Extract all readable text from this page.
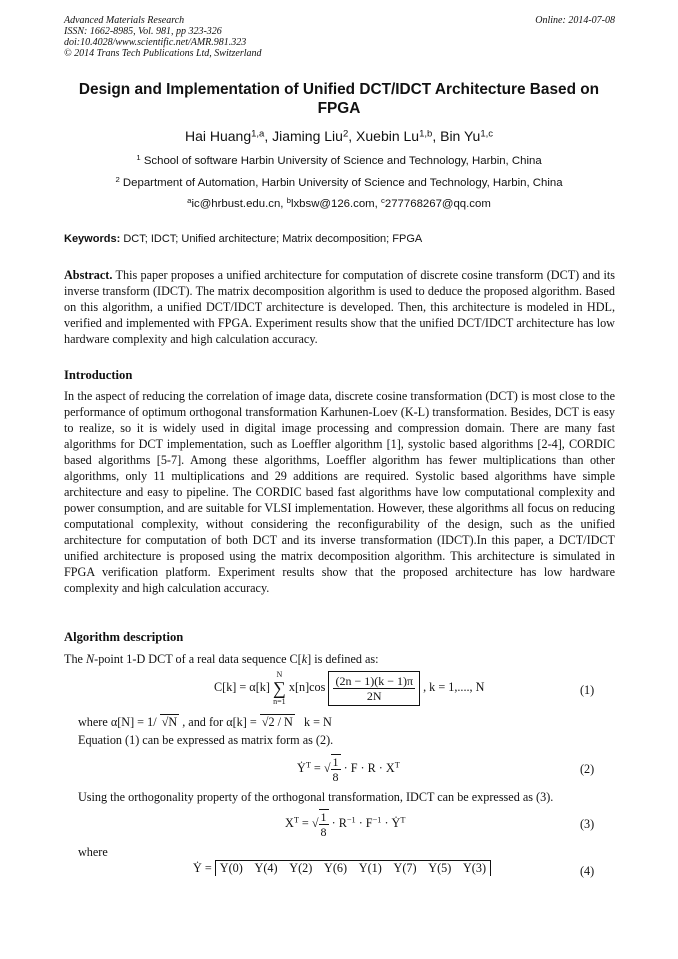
Advanced Materials Research
ISSN: 1662-8985, Vol. 981, pp 323-326
doi:10.4028/www.scientific.net/AMR.981.323
© 2014 Trans Tech Publications Ltd, Switzerland
Online: 2014-07-08
Design and Implementation of Unified DCT/IDCT Architecture Based on FPGA
Hai Huang$^{1,a}$, Jiaming Liu$^2$, Xuebin Lu$^{1,b}$, Bin Yu$^{1,c}$
$^1$ School of software Harbin University of Science and Technology, Harbin, China
$^2$ Department of Automation, Harbin University of Science and Technology, Harbin, China
$^a$ic@hrbust.edu.cn, $^b$lxbsw@126.com, $^c$277768267@qq.com
Keywords: DCT; IDCT; Unified architecture; Matrix decomposition; FPGA
Abstract. This paper proposes a unified architecture for computation of discrete cosine transform (DCT) and its inverse transform (IDCT). The matrix decomposition algorithm is used to deduce the proposed algorithm. Based on this algorithm, a unified DCT/IDCT architecture is developed. Then, this architecture is modeled in HDL, verified and implemented with FPGA. Experiment results show that the unified DCT/IDCT architecture has low hardware complexity and high calculation accuracy.
Introduction
In the aspect of reducing the correlation of image data, discrete cosine transformation (DCT) is most close to the performance of optimum orthogonal transformation Karhunen-Loev (K-L) transformation. Besides, DCT is easy to realize, so it is widely used in digital image processing and compression domain. There are many fast algorithms for DCT implementation, such as Loeffler algorithm [1], systolic based algorithms [2-4], CORDIC based algorithms [5-7]. Among these algorithms, Loeffler algorithm has fewer multiplications than other algorithms, only 11 multiplications and 29 additions are required. Systolic based algorithms have simple architecture and easy to pipeline. The CORDIC based fast algorithms have low computational complexity and power consumption, and are suitable for VLSI implementation. However, these algorithms all focus on reducing computational complexity, without considering the reconfigurability of the design, such as the unified architecture for computation of both DCT and its inverse transformation (IDCT).In this paper, a DCT/IDCT unified architecture is proposed using the matrix decomposition algorithm. This architecture is simulated in FPGA verification platform. Experiment results show that the proposed architecture has low hardware complexity and high calculation accuracy.
Algorithm description
The N-point 1-D DCT of a real data sequence C[k] is defined as:
C[k] = α[k]
N
∑
n=1
$x[n]\cos \frac{(2n - 1)(k - 1)\pi}{2N}$ , k = 1,...., N	(1)
where α[N] = 1/ √N , and for α[k] = √2 / N k = N
Equation (1) can be expressed as matrix form as (2).
Ẏ$^T$ = √ $\frac{1}{8} \cdot F \cdot R \cdot X^T$	(2)
Using the orthogonality property of the orthogonal transformation, IDCT can be expressed as (3).
$X^T$ = √ $\frac{1}{8} \cdot R^{-1} \cdot F^{-1}$ · Ẏ$^T$	(3)
where
Ẏ = Y(0)    Y(4)    Y(2)    Y(6)    Y(1)    Y(7)    Y(5)    Y(3)	(4)
